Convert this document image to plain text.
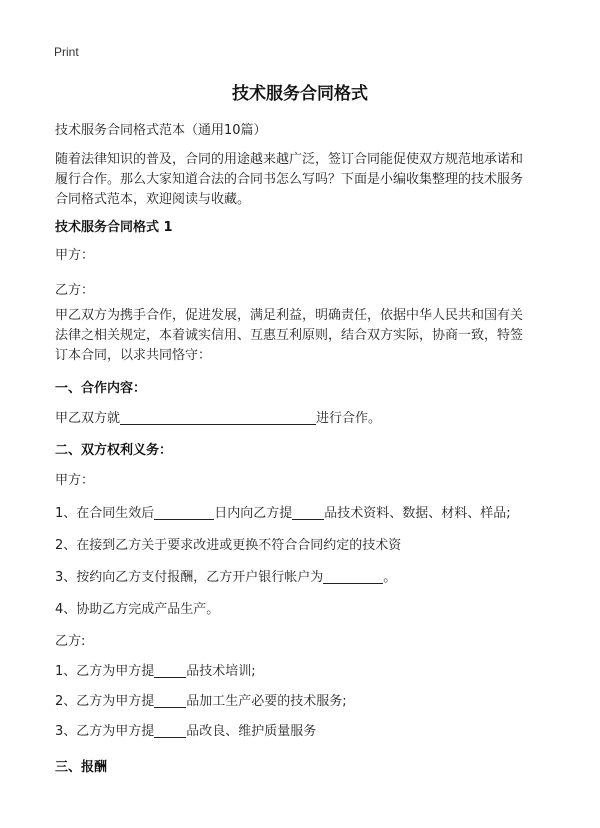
Print
技术服务合同格式
技术服务合同格式范本（通用10篇）
随着法律知识的普及，合同的用途越来越广泛，签订合同能促使双方规范地承诺和
履行合作。那么大家知道合法的合同书怎么写吗？下面是小编收集整理的技术服务
合同格式范本，欢迎阅读与收藏。
技术服务合同格式 1
甲方：
乙方：
甲乙双方为携手合作，促进发展，满足利益，明确责任，依据中华人民共和国有关
法律之相关规定，本着诚实信用、互惠互利原则，结合双方实际，协商一致，特签
订本合同，以求共同恪守：
一、合作内容：
甲乙双方就	进行合作。
二、双方权利义务：
甲方：
1、在合同生效后	日内向乙方提 品技术资料、数据、材料、样品;
2、在接到乙方关于要求改进或更换不符合合同约定的技术资
3、按约向乙方支付报酬，乙方开户银行帐户为	。
4、协助乙方完成产品生产。
乙方:
1、乙方为甲方提 品技术培训;
2、乙方为甲方提 品加工生产必要的技术服务;
3、乙方为甲方提 品改良、维护质量服务
三、报酬
